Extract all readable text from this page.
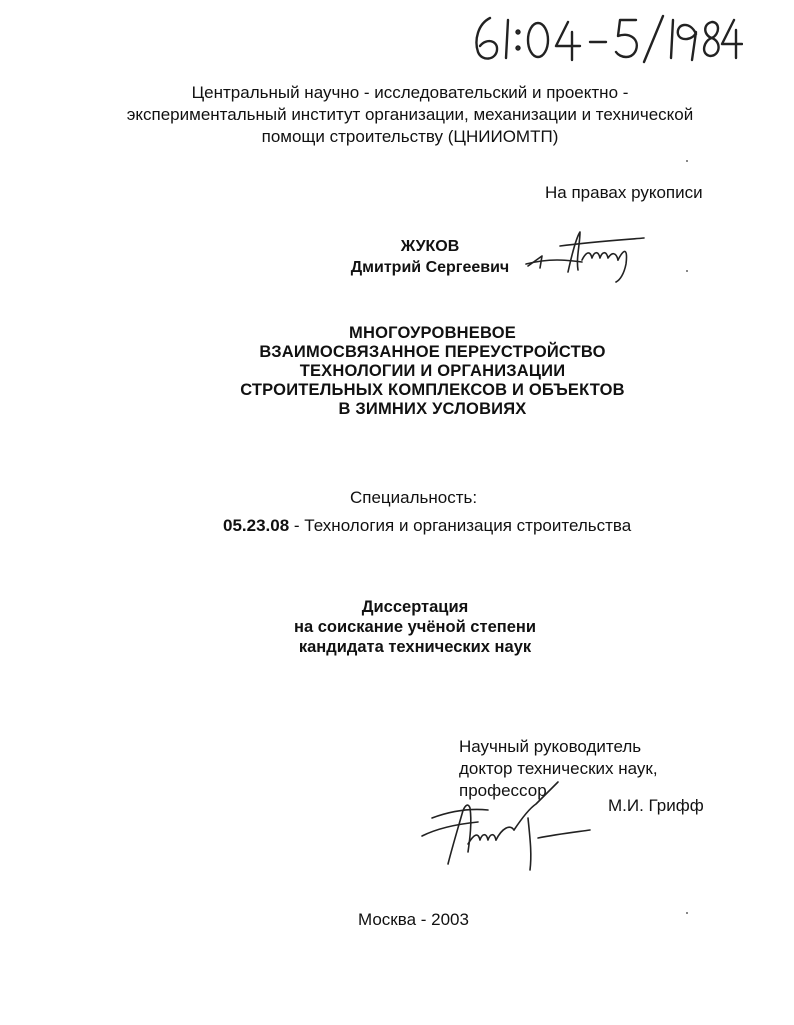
Центральный научно - исследовательский и проектно -
экспериментальный институт организации, механизации и технической
помощи строительству (ЦНИИОМТП)
На правах рукописи
ЖУКОВ
Дмитрий Сергеевич
МНОГОУРОВНЕВОЕ
ВЗАИМОСВЯЗАННОЕ ПЕРЕУСТРОЙСТВО
ТЕХНОЛОГИИ И ОРГАНИЗАЦИИ
СТРОИТЕЛЬНЫХ КОМПЛЕКСОВ И ОБЪЕКТОВ
В ЗИМНИХ УСЛОВИЯХ
Специальность:
05.23.08 - Технология и организация строительства
Диссертация
на соискание учёной степени
кандидата технических наук
Научный руководитель
доктор технических наук,
профессор
М.И. Грифф
Москва - 2003
